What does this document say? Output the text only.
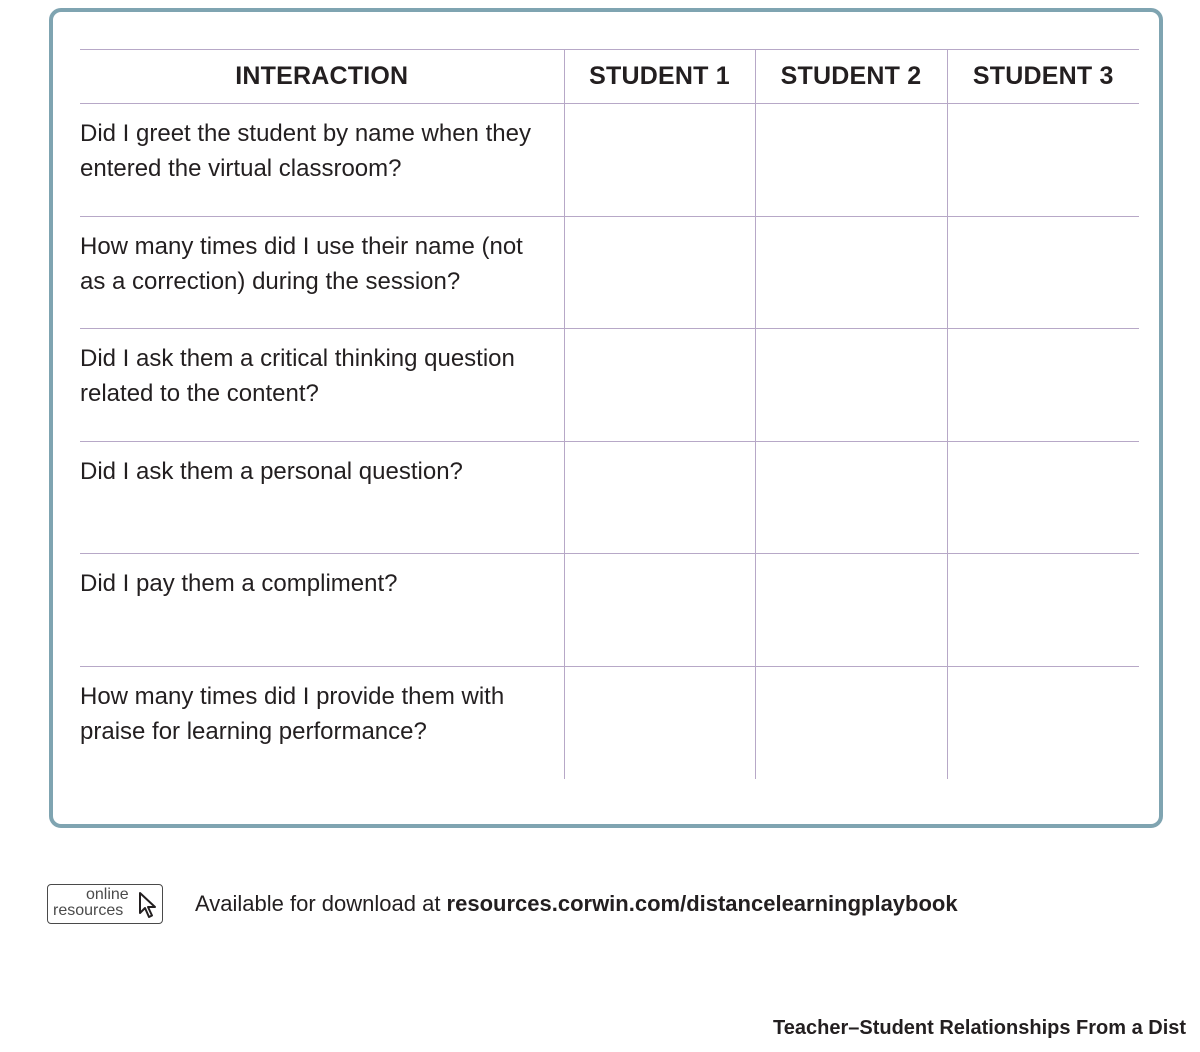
INTERACTION	STUDENT 1	STUDENT 2	STUDENT 3
Did I greet the student by name when they entered the virtual classroom?			
How many times did I use their name (not as a correction) during the session?			
Did I ask them a critical thinking question related to the content?			
Did I ask them a personal question?			
Did I pay them a compliment?			
How many times did I provide them with praise for learning performance?			
online
resources	Available for download at resources.corwin.com/distancelearningplaybook
Teacher–Student Relationships From a Dist
